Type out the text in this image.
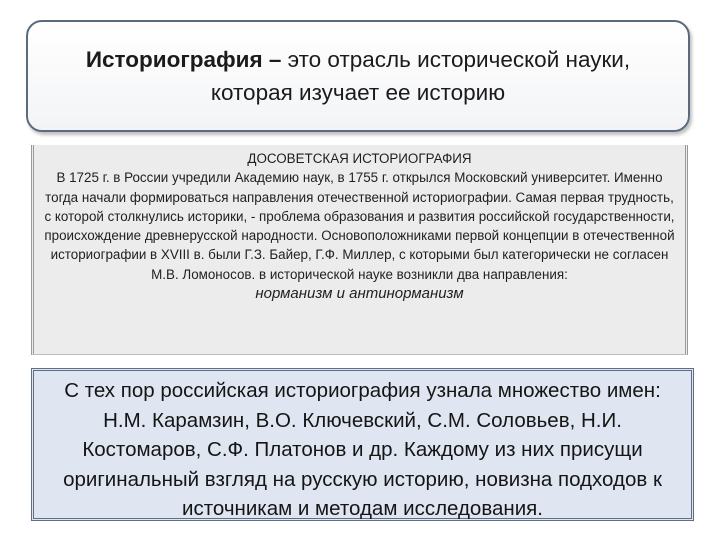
Историография – это отрасль исторической науки,
которая изучает ее историю
ДОСОВЕТСКАЯ ИСТОРИОГРАФИЯ
В 1725 г. в России учредили Академию наук, в 1755 г. открылся Московский университет. Именно тогда начали формироваться направления отечественной историографии. Самая первая трудность, с которой столкнулись историки, - проблема образования и развития российской государственности, происхождение древнерусской народности. Основоположниками первой концепции в отечественной историографии в XVIII в. были Г.З. Байер, Г.Ф. Миллер, с которыми был категорически не согласен М.В. Ломоносов. в исторической науке возникли два направления:
норманизм и антинорманизм
С тех пор российская историография узнала множество имен: Н.М. Карамзин, В.О. Ключевский, С.М. Соловьев, Н.И. Костомаров, С.Ф. Платонов и др. Каждому из них присущи оригинальный взгляд на русскую историю, новизна подходов к источникам и методам исследования.
